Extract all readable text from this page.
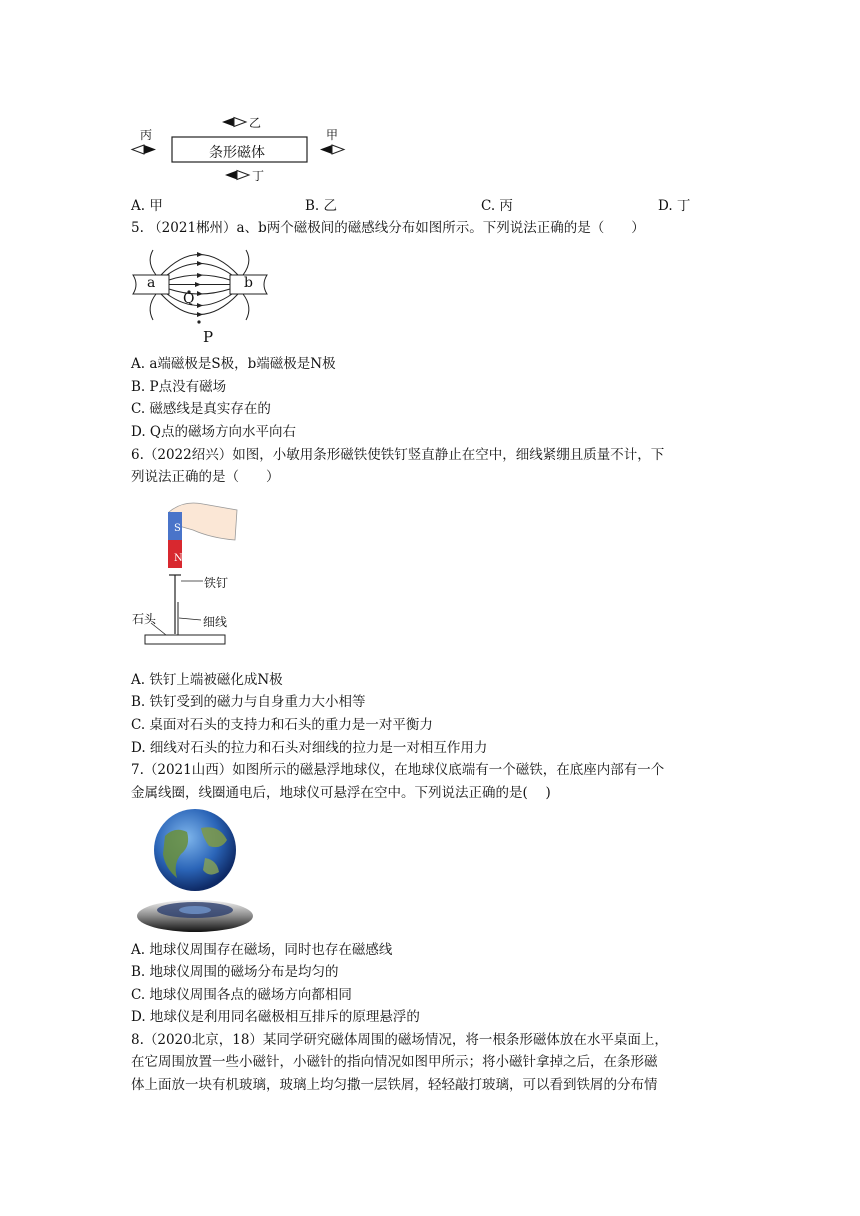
条形磁体
丙
乙
甲
丁
A. 甲	B. 乙	C. 丙	D. 丁
5. （2021郴州）a、b两个磁极间的磁感线分布如图所示。下列说法正确的是（　　）
a	b
Q
P
A. a端磁极是S极，b端磁极是N极
B. P点没有磁场
C. 磁感线是真实存在的
D. Q点的磁场方向水平向右
6.（2022绍兴）如图，小敏用条形磁铁使铁钉竖直静止在空中，细线紧绷且质量不计，下
列说法正确的是（　　）
S
N
铁钉
细线
石头
A. 铁钉上端被磁化成N极
B. 铁钉受到的磁力与自身重力大小相等
C. 桌面对石头的支持力和石头的重力是一对平衡力
D. 细线对石头的拉力和石头对细线的拉力是一对相互作用力
7.（2021山西）如图所示的磁悬浮地球仪，在地球仪底端有一个磁铁，在底座内部有一个
金属线圈，线圈通电后，地球仪可悬浮在空中。下列说法正确的是(　 )
A. 地球仪周围存在磁场，同时也存在磁感线
B. 地球仪周围的磁场分布是均匀的
C. 地球仪周围各点的磁场方向都相同
D. 地球仪是利用同名磁极相互排斥的原理悬浮的
8.（2020北京，18）某同学研究磁体周围的磁场情况，将一根条形磁体放在水平桌面上，
在它周围放置一些小磁针，小磁针的指向情况如图甲所示；将小磁针拿掉之后，在条形磁
体上面放一块有机玻璃，玻璃上均匀撒一层铁屑，轻轻敲打玻璃，可以看到铁屑的分布情
